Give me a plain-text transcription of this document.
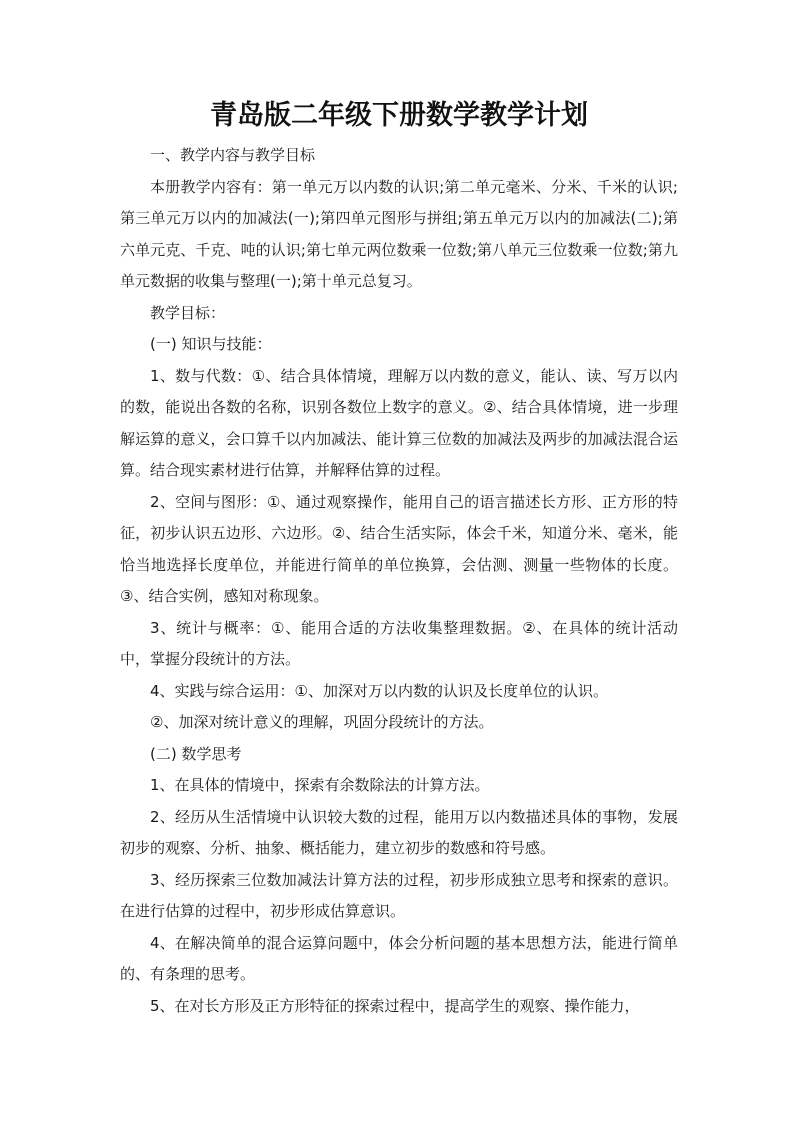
青岛版二年级下册数学教学计划
一、教学内容与教学目标
本册教学内容有：第一单元万以内数的认识;第二单元毫米、分米、千米的认识;第三单元万以内的加减法(一);第四单元图形与拼组;第五单元万以内的加减法(二);第六单元克、千克、吨的认识;第七单元两位数乘一位数;第八单元三位数乘一位数;第九单元数据的收集与整理(一);第十单元总复习。
教学目标：
(一) 知识与技能：
1、数与代数：①、结合具体情境，理解万以内数的意义，能认、读、写万以内的数，能说出各数的名称，识别各数位上数字的意义。②、结合具体情境，进一步理解运算的意义，会口算千以内加减法、能计算三位数的加减法及两步的加减法混合运算。结合现实素材进行估算，并解释估算的过程。
2、空间与图形：①、通过观察操作，能用自己的语言描述长方形、正方形的特征，初步认识五边形、六边形。②、结合生活实际，体会千米，知道分米、毫米，能恰当地选择长度单位，并能进行简单的单位换算，会估测、测量一些物体的长度。③、结合实例，感知对称现象。
3、统计与概率：①、能用合适的方法收集整理数据。②、在具体的统计活动中，掌握分段统计的方法。
4、实践与综合运用：①、加深对万以内数的认识及长度单位的认识。
②、加深对统计意义的理解，巩固分段统计的方法。
(二) 数学思考
1、在具体的情境中，探索有余数除法的计算方法。
2、经历从生活情境中认识较大数的过程，能用万以内数描述具体的事物，发展初步的观察、分析、抽象、概括能力，建立初步的数感和符号感。
3、经历探索三位数加减法计算方法的过程，初步形成独立思考和探索的意识。在进行估算的过程中，初步形成估算意识。
4、在解决简单的混合运算问题中，体会分析问题的基本思想方法，能进行简单的、有条理的思考。
5、在对长方形及正方形特征的探索过程中，提高学生的观察、操作能力，
